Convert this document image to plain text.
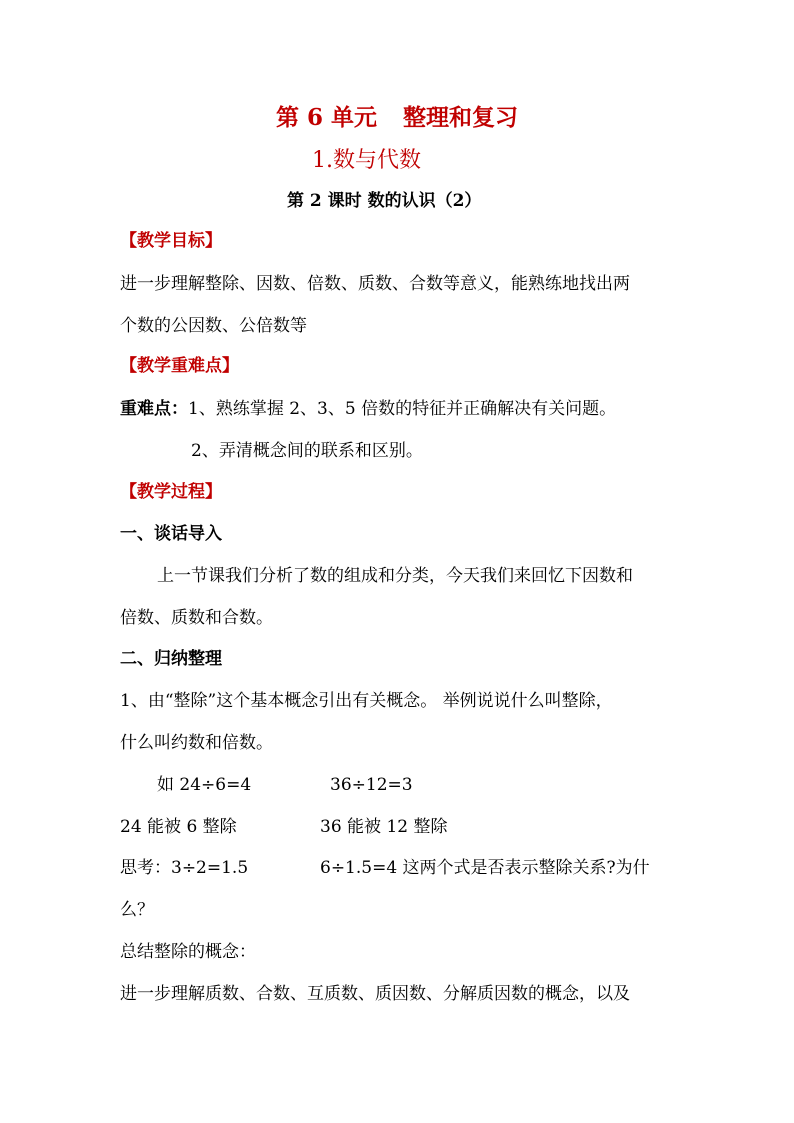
第 6 单元 整理和复习
1.数与代数
第 2 课时 数的认识（2）
【教学目标】
进一步理解整除、因数、倍数、质数、合数等意义，能熟练地找出两
个数的公因数、公倍数等
【教学重难点】
重难点：1、熟练掌握 2、3、5 倍数的特征并正确解决有关问题。
2、弄清概念间的联系和区别。
【教学过程】
一、谈话导入
上一节课我们分析了数的组成和分类，今天我们来回忆下因数和
倍数、质数和合数。
二、归纳整理
1、由“整除”这个基本概念引出有关概念。 举例说说什么叫整除，
什么叫约数和倍数。
如 24÷6=4	36÷12=3
24 能被 6 整除	36 能被 12 整除
思考：3÷2=1.5	6÷1.5=4 这两个式是否表示整除关系?为什
么？
总结整除的概念：
进一步理解质数、合数、互质数、质因数、分解质因数的概念，以及
